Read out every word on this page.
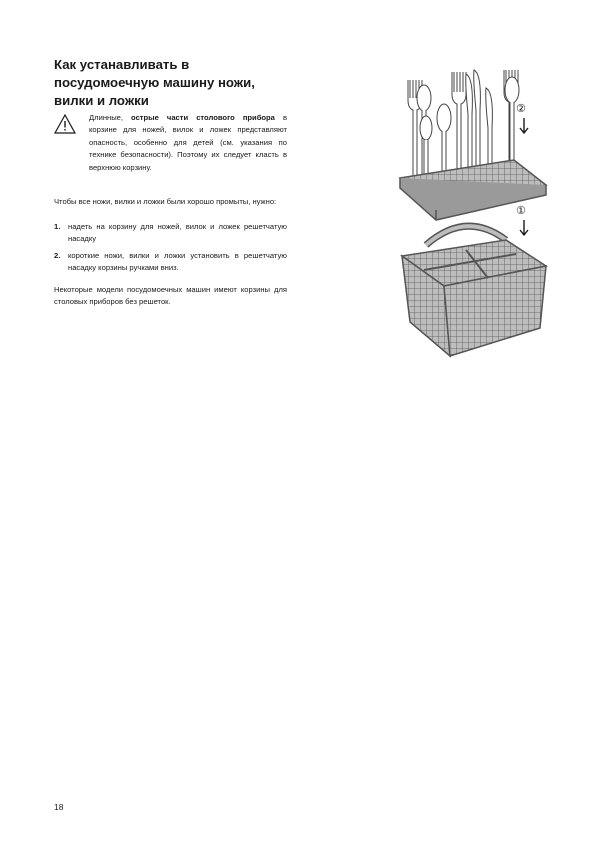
Как устанавливать в
посудомоечную машину ножи,
вилки и ложки

Длинные, острые части столового прибора в корзине для ножей, вилок и ложек представляют опасность, особенно для детей (см. указания по технике безопасности). Поэтому их следует класть в верхнюю корзину.

Чтобы все ножи, вилки и ложки были хорошо промыты, нужно:

1. надеть на корзину для ножей, вилок и ложек решетчатую насадку
2. короткие ножи, вилки и ложки установить в решетчатую насадку корзины ручками вниз.

Некоторые модели посудомоечных машин имеют корзины для столовых приборов без решеток.

②
①
18
